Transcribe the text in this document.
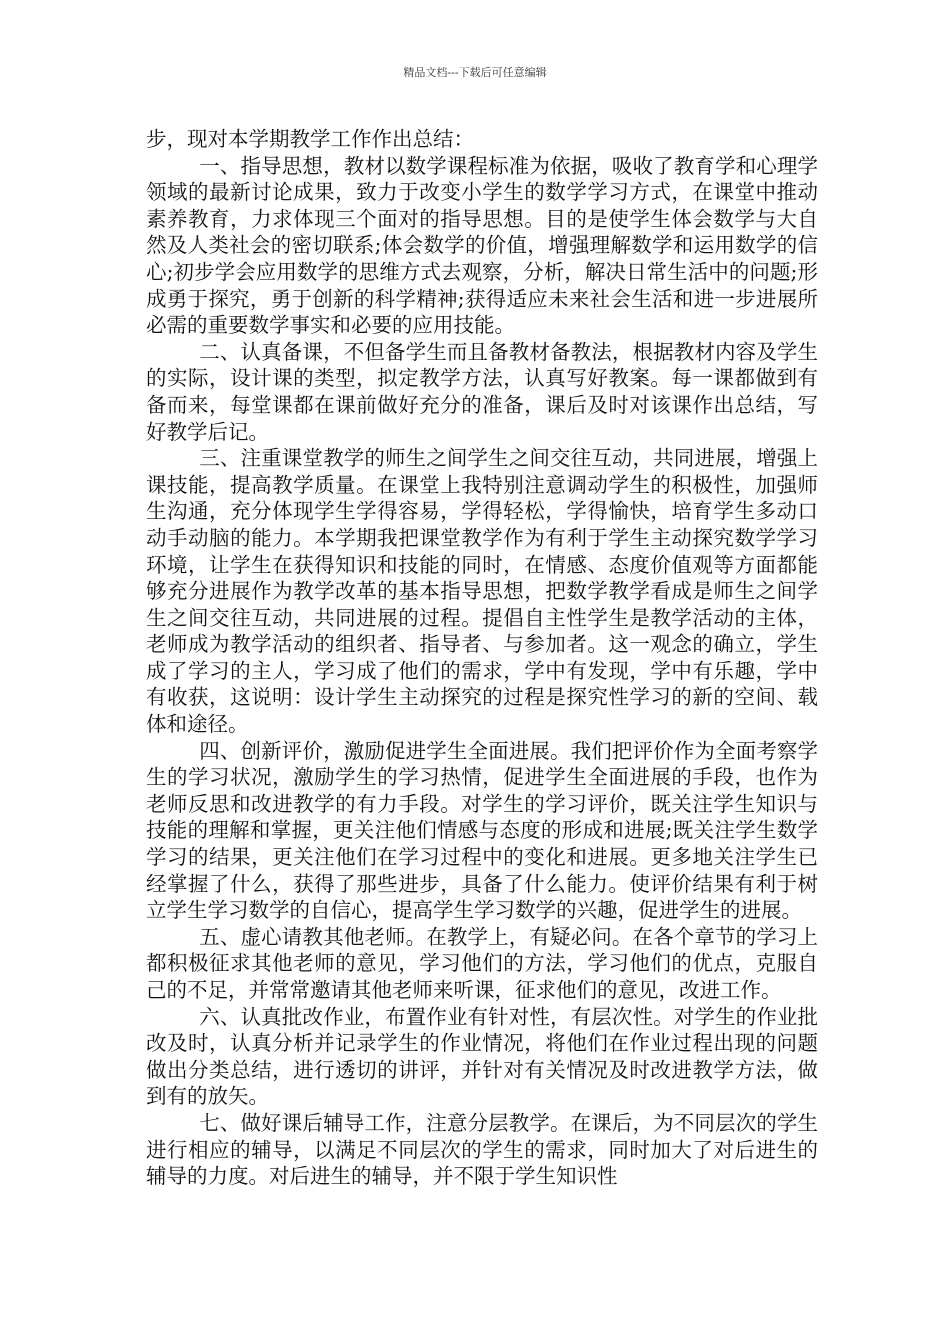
精品文档---下载后可任意编辑

步，现对本学期教学工作作出总结：

一、指导思想，教材以数学课程标准为依据，吸收了教育学和心理学领域的最新讨论成果，致力于改变小学生的数学学习方式，在课堂中推动素养教育，力求体现三个面对的指导思想。目的是使学生体会数学与大自然及人类社会的密切联系;体会数学的价值，增强理解数学和运用数学的信心;初步学会应用数学的思维方式去观察，分析，解决日常生活中的问题;形成勇于探究，勇于创新的科学精神;获得适应未来社会生活和进一步进展所必需的重要数学事实和必要的应用技能。

二、认真备课，不但备学生而且备教材备教法，根据教材内容及学生的实际，设计课的类型，拟定教学方法，认真写好教案。每一课都做到有备而来，每堂课都在课前做好充分的准备，课后及时对该课作出总结，写好教学后记。

三、注重课堂教学的师生之间学生之间交往互动，共同进展，增强上课技能，提高教学质量。在课堂上我特别注意调动学生的积极性，加强师生沟通，充分体现学生学得容易，学得轻松，学得愉快，培育学生多动口动手动脑的能力。本学期我把课堂教学作为有利于学生主动探究数学学习环境，让学生在获得知识和技能的同时，在情感、态度价值观等方面都能够充分进展作为教学改革的基本指导思想，把数学教学看成是师生之间学生之间交往互动，共同进展的过程。提倡自主性学生是教学活动的主体，老师成为教学活动的组织者、指导者、与参加者。这一观念的确立，学生成了学习的主人，学习成了他们的需求，学中有发现，学中有乐趣，学中有收获，这说明：设计学生主动探究的过程是探究性学习的新的空间、载体和途径。

四、创新评价，激励促进学生全面进展。我们把评价作为全面考察学生的学习状况，激励学生的学习热情，促进学生全面进展的手段，也作为老师反思和改进教学的有力手段。对学生的学习评价，既关注学生知识与技能的理解和掌握，更关注他们情感与态度的形成和进展;既关注学生数学学习的结果，更关注他们在学习过程中的变化和进展。更多地关注学生已经掌握了什么，获得了那些进步，具备了什么能力。使评价结果有利于树立学生学习数学的自信心，提高学生学习数学的兴趣，促进学生的进展。

五、虚心请教其他老师。在教学上，有疑必问。在各个章节的学习上都积极征求其他老师的意见，学习他们的方法，学习他们的优点，克服自己的不足，并常常邀请其他老师来听课，征求他们的意见，改进工作。

六、认真批改作业，布置作业有针对性，有层次性。对学生的作业批改及时，认真分析并记录学生的作业情况，将他们在作业过程出现的问题做出分类总结，进行透切的讲评，并针对有关情况及时改进教学方法，做到有的放矢。

七、做好课后辅导工作，注意分层教学。在课后，为不同层次的学生进行相应的辅导，以满足不同层次的学生的需求，同时加大了对后进生的辅导的力度。对后进生的辅导，并不限于学生知识性
